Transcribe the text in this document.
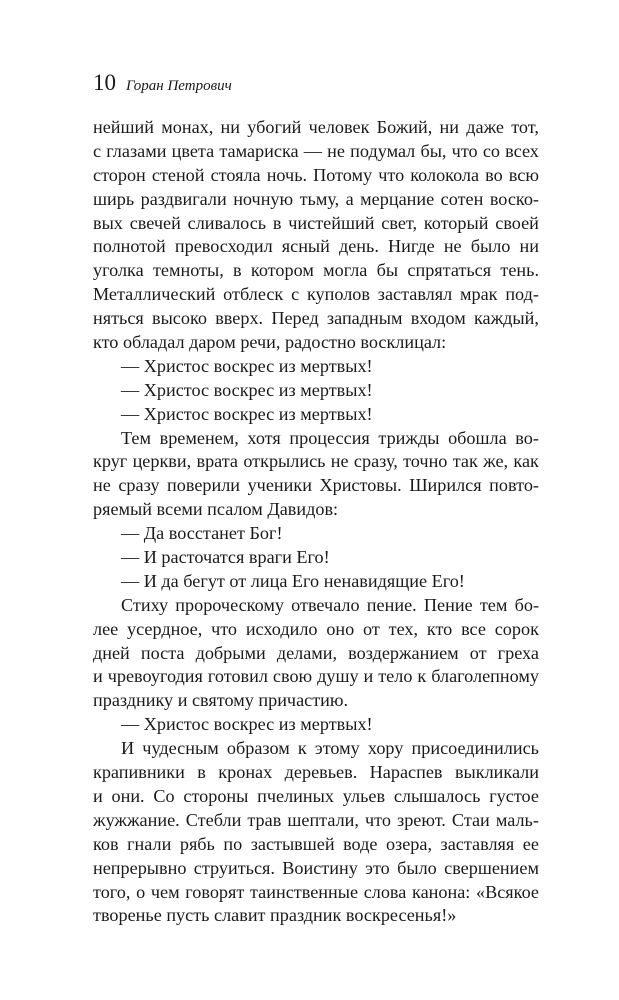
10 Горан Петрович
нейший монах, ни убогий человек Божий, ни даже тот,
с глазами цвета тамариска — не подумал бы, что со всех
сторон стеной стояла ночь. Потому что колокола во всю
ширь раздвигали ночную тьму, а мерцание сотен воско-
вых свечей сливалось в чистейший свет, который своей
полнотой превосходил ясный день. Нигде не было ни
уголка темноты, в котором могла бы спрятаться тень.
Металлический отблеск с куполов заставлял мрак под-
няться высоко вверх. Перед западным входом каждый,
кто обладал даром речи, радостно восклицал:
— Христос воскрес из мертвых!
— Христос воскрес из мертвых!
— Христос воскрес из мертвых!
Тем временем, хотя процессия трижды обошла во-
круг церкви, врата открылись не сразу, точно так же, как
не сразу поверили ученики Христовы. Ширился повто-
ряемый всеми псалом Давидов:
— Да восстанет Бог!
— И расточатся враги Его!
— И да бегут от лица Его ненавидящие Его!
Стиху пророческому отвечало пение. Пение тем бо-
лее усердное, что исходило оно от тех, кто все сорок
дней поста добрыми делами, воздержанием от греха
и чревоугодия готовил свою душу и тело к благолепному
празднику и святому причастию.
— Христос воскрес из мертвых!
И чудесным образом к этому хору присоединились
крапивники в кронах деревьев. Нараспев выкликали
и они. Со стороны пчелиных ульев слышалось густое
жужжание. Стебли трав шептали, что зреют. Стаи маль-
ков гнали рябь по застывшей воде озера, заставляя ее
непрерывно струиться. Воистину это было свершением
того, о чем говорят таинственные слова канона: «Всякое
творенье пусть славит праздник воскресенья!»
